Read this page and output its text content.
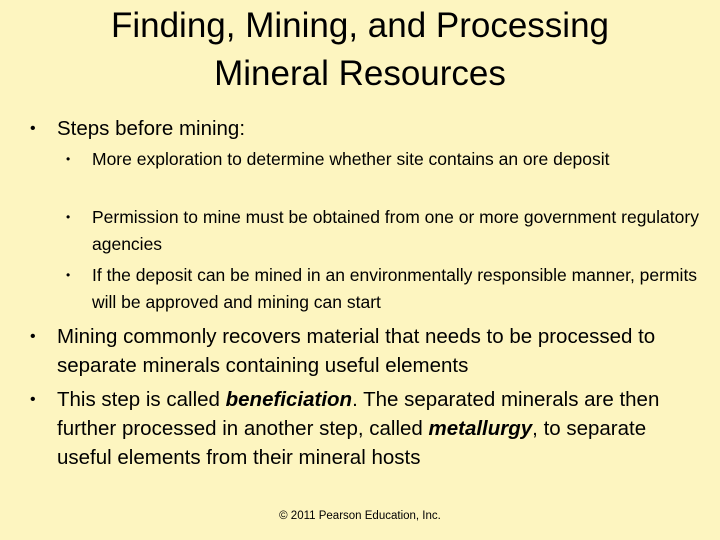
Finding, Mining, and Processing
Mineral Resources
• Steps before mining:
• More exploration to determine whether site contains an ore deposit
• Permission to mine must be obtained from one or more government regulatory agencies
• If the deposit can be mined in an environmentally responsible manner, permits will be approved and mining can start
• Mining commonly recovers material that needs to be processed to separate minerals containing useful elements
• This step is called beneficiation. The separated minerals are then further processed in another step, called metallurgy, to separate useful elements from their mineral hosts
© 2011 Pearson Education, Inc.
